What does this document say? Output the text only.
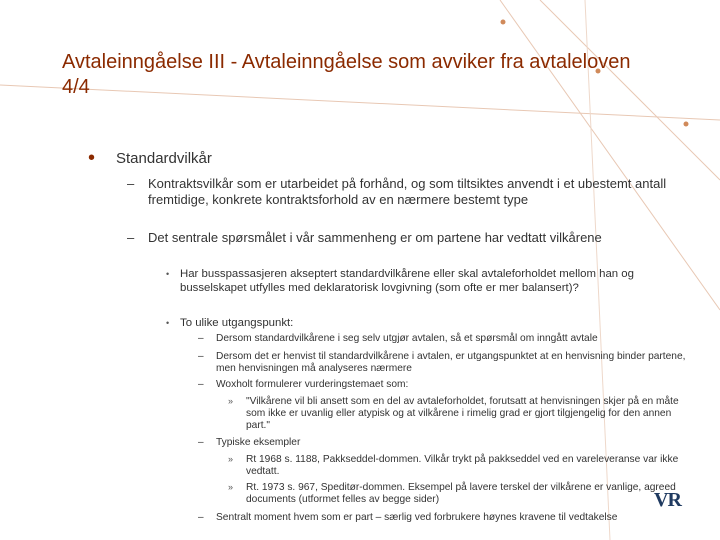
Avtaleinngåelse III - Avtaleinngåelse som avviker fra avtaleloven 4/4
• Standardvilkår
– Kontraktsvilkår som er utarbeidet på forhånd, og som tiltsiktes anvendt i et ubestemt antall fremtidige, konkrete kontraktsforhold av en nærmere bestemt type
– Det sentrale spørsmålet i vår sammenheng er om partene har vedtatt vilkårene
• Har busspassasjeren akseptert standardvilkårene eller skal avtaleforholdet mellom han og busselskapet utfylles med deklaratorisk lovgivning (som ofte er mer balansert)?
• To ulike utgangspunkt:
– Dersom standardvilkårene i seg selv utgjør avtalen, så et spørsmål om inngått avtale
– Dersom det er henvist til standardvilkårene i avtalen, er utgangspunktet at en henvisning binder partene, men henvisningen må analyseres nærmere
– Woxholt formulerer vurderingstemaet som:
» "Vilkårene vil bli ansett som en del av avtaleforholdet, forutsatt at henvisningen skjer på en måte som ikke er uvanlig eller atypisk og at vilkårene i rimelig grad er gjort tilgjengelig for den annen part."
– Typiske eksempler
» Rt 1968 s. 1188, Pakkseddel-dommen. Vilkår trykt på pakkseddel ved en vareleveranse var ikke vedtatt.
» Rt. 1973 s. 967, Speditør-dommen. Eksempel på lavere terskel der vilkårene er vanlige, agreed documents (utformet felles av begge sider)
– Sentralt moment hvem som er part – særlig ved forbrukere høynes kravene til vedtakelse
VR
